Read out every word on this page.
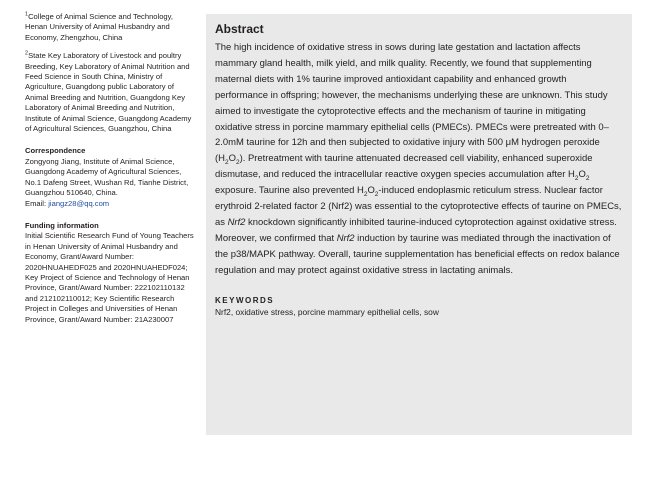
$^1$College of Animal Science and Technology, Henan University of Animal Husbandry and Economy, Zhengzhou, China

$^2$State Key Laboratory of Livestock and poultry Breeding, Key Laboratory of Animal Nutrition and Feed Science in South China, Ministry of Agriculture, Guangdong public Laboratory of Animal Breeding and Nutrition, Guangdong Key Laboratory of Animal Breeding and Nutrition, Institute of Animal Science, Guangdong Academy of Agricultural Sciences, Guangzhou, China

Correspondence

Zongyong Jiang, Institute of Animal Science, Guangdong Academy of Agricultural Sciences, No.1 Dafeng Street, Wushan Rd, Tianhe District, Guangzhou 510640, China.

Email: jiangz28@qq.com

Funding information

Initial Scientific Research Fund of Young Teachers in Henan University of Animal Husbandry and Economy, Grant/Award Number: 2020HNUAHEDF025 and 2020HNUAHEDF024; Key Project of Science and Technology of Henan Province, Grant/Award Number: 222102110132 and 212102110012; Key Scientific Research Project in Colleges and Universities of Henan Province, Grant/Award Number: 21A230007

Abstract

The high incidence of oxidative stress in sows during late gestation and lactation affects mammary gland health, milk yield, and milk quality. Recently, we found that supplementing maternal diets with 1% taurine improved antioxidant capability and enhanced growth performance in offspring; however, the mechanisms underlying these are unknown. This study aimed to investigate the cytoprotective effects and the mechanism of taurine in mitigating oxidative stress in porcine mammary epithelial cells (PMECs). PMECs were pretreated with 0–2.0mM taurine for 12h and then subjected to oxidative injury with 500 μM hydrogen peroxide $(H_2O_2)$. Pretreatment with taurine attenuated decreased cell viability, enhanced superoxide dismutase, and reduced the intracellular reactive oxygen species accumulation after $H_2O_2$ exposure. Taurine also prevented $H_2O_2$-induced endoplasmic reticulum stress. Nuclear factor erythroid 2-related factor 2 (Nrf2) was essential to the cytoprotective effects of taurine on PMECs, as Nrf2 knockdown significantly inhibited taurine-induced cytoprotection against oxidative stress. Moreover, we confirmed that Nrf2 induction by taurine was mediated through the inactivation of the p38/MAPK pathway. Overall, taurine supplementation has beneficial effects on redox balance regulation and may protect against oxidative stress in lactating animals.

KEYWORDS

Nrf2, oxidative stress, porcine mammary epithelial cells, sow
